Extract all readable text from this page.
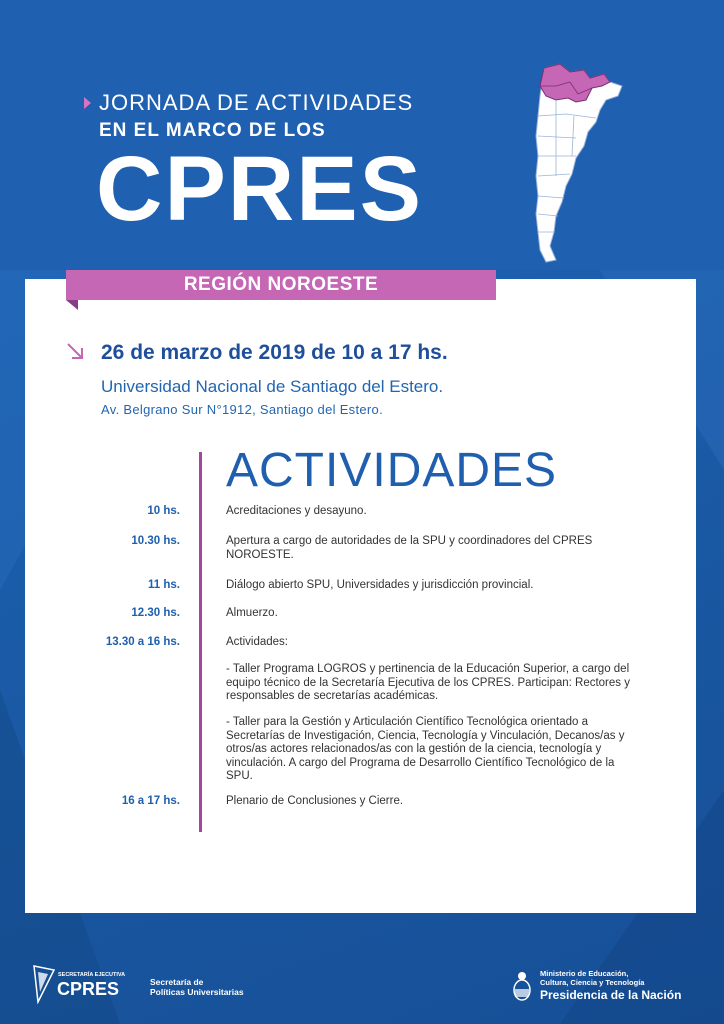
JORNADA DE ACTIVIDADES
EN EL MARCO DE LOS
CPRES
REGIÓN NOROESTE
26 de marzo de 2019 de 10 a 17 hs.
Universidad Nacional de Santiago del Estero.
Av. Belgrano Sur N°1912, Santiago del Estero.
ACTIVIDADES
10 hs.	Acreditaciones y desayuno.
10.30 hs.	Apertura a cargo de autoridades de la SPU y coordinadores del CPRES NOROESTE.
11 hs.	Diálogo abierto SPU, Universidades y jurisdicción provincial.
12.30 hs.	Almuerzo.
13.30 a 16 hs.	Actividades:
- Taller Programa LOGROS y pertinencia de la Educación Superior, a cargo del equipo técnico de la Secretaría Ejecutiva de los CPRES. Participan: Rectores y responsables de secretarías académicas.
- Taller para la Gestión y Articulación Científico Tecnológica orientado a Secretarías de Investigación, Ciencia, Tecnología y Vinculación, Decanos/as y otros/as actores relacionados/as con la gestión de la ciencia, tecnología y vinculación. A cargo del Programa de Desarrollo Científico Tecnológico de la SPU.
16 a 17 hs.	Plenario de Conclusiones y Cierre.
SECRETARÍA EJECUTIVA
CPRES	Secretaría de
Políticas Universitarias
Ministerio de Educación,
Cultura, Ciencia y Tecnología
Presidencia de la Nación
